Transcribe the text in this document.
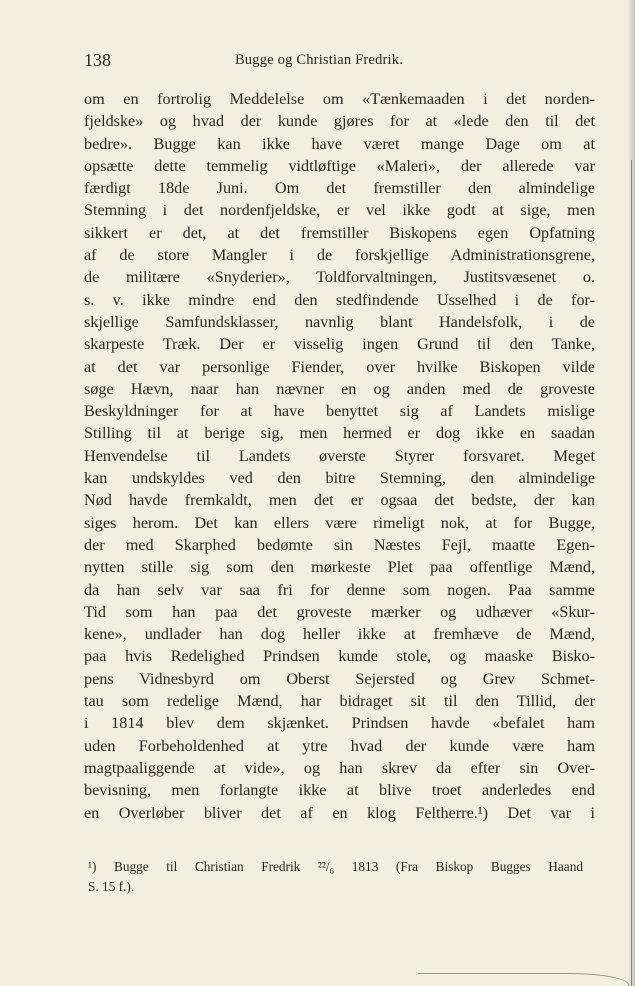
138	Bugge og Christian Fredrik.
om en fortrolig Meddelelse om «Tænkemaaden i det norden-
fjeldske» og hvad der kunde gjøres for at «lede den til det
bedre». Bugge kan ikke have været mange Dage om at
opsætte dette temmelig vidtløftige «Maleri», der allerede var
færdigt 18de Juni. Om det fremstiller den almindelige
Stemning i det nordenfjeldske, er vel ikke godt at sige, men
sikkert er det, at det fremstiller Biskopens egen Opfatning
af de store Mangler i de forskjellige Administrationsgrene,
de militære «Snyderier», Toldforvaltningen, Justitsvæsenet o.
s. v. ikke mindre end den stedfindende Usselhed i de for-
skjellige Samfundsklasser, navnlig blant Handelsfolk, i de
skarpeste Træk. Der er visselig ingen Grund til den Tanke,
at det var personlige Fiender, over hvilke Biskopen vilde
søge Hævn, naar han nævner en og anden med de groveste
Beskyldninger for at have benyttet sig af Landets mislige
Stilling til at berige sig, men hermed er dog ikke en saadan
Henvendelse til Landets øverste Styrer forsvaret. Meget
kan undskyldes ved den bitre Stemning, den almindelige
Nød havde fremkaldt, men det er ogsaa det bedste, der kan
siges herom. Det kan ellers være rimeligt nok, at for Bugge,
der med Skarphed bedømte sin Næstes Fejl, maatte Egen-
nytten stille sig som den mørkeste Plet paa offentlige Mænd,
da han selv var saa fri for denne som nogen. Paa samme
Tid som han paa det groveste mærker og udhæver «Skur-
kene», undlader han dog heller ikke at fremhæve de Mænd,
paa hvis Redelighed Prindsen kunde stole, og maaske Bisko-
pens Vidnesbyrd om Oberst Sejersted og Grev Schmet-
tau som redelige Mænd, har bidraget sit til den Tillid, der
i 1814 blev dem skjænket. Prindsen havde «befalet ham
uden Forbeholdenhed at ytre hvad der kunde være ham
magtpaaliggende at vide», og han skrev da efter sin Over-
bevisning, men forlangte ikke at blive troet anderledes end
en Overløber bliver det af en klog Feltherre.¹) Det var i
¹) Bugge til Christian Fredrik ²²/₆ 1813 (Fra Biskop Bugges Haand
S. 15 f.).
